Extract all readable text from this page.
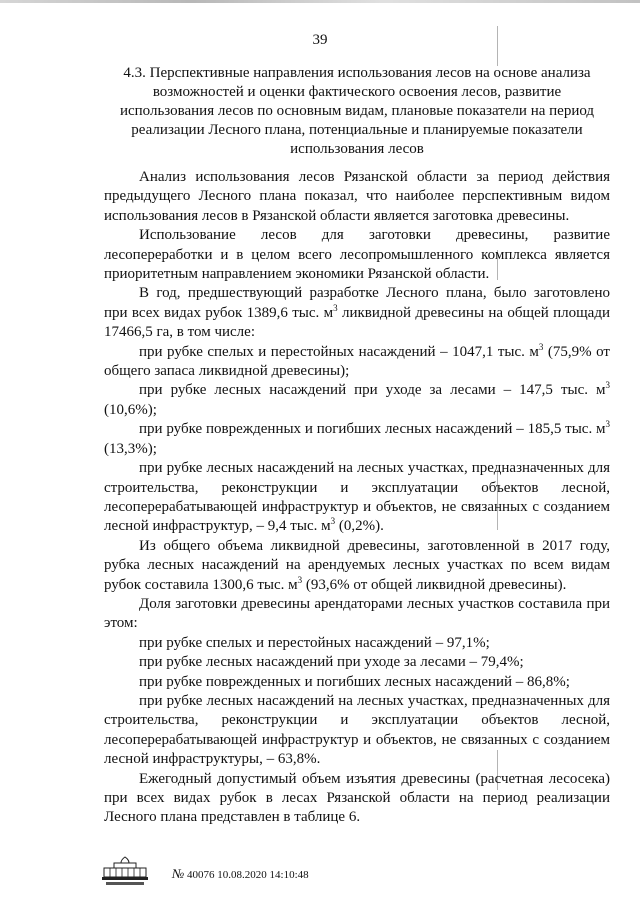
39
4.3. Перспективные направления использования лесов на основе анализа возможностей и оценки фактического освоения лесов, развитие использования лесов по основным видам, плановые показатели на период реализации Лесного плана, потенциальные и планируемые показатели использования лесов

Анализ использования лесов Рязанской области за период действия предыдущего Лесного плана показал, что наиболее перспективным видом использования лесов в Рязанской области является заготовка древесины.

Использование лесов для заготовки древесины, развитие лесопереработки и в целом всего лесопромышленного комплекса является приоритетным направлением экономики Рязанской области.

В год, предшествующий разработке Лесного плана, было заготовлено при всех видах рубок 1389,6 тыс. $м^3$ ликвидной древесины на общей площади 17466,5 га, в том числе:

при рубке спелых и перестойных насаждений – 1047,1 тыс. $м^3$ (75,9% от общего запаса ликвидной древесины);

при рубке лесных насаждений при уходе за лесами – 147,5 тыс. $м^3$ (10,6%);

при рубке поврежденных и погибших лесных насаждений – 185,5 тыс. $м^3$ (13,3%);

при рубке лесных насаждений на лесных участках, предназначенных для строительства, реконструкции и эксплуатации объектов лесной, лесоперерабатывающей инфраструктур и объектов, не связанных с созданием лесной инфраструктур, – 9,4 тыс. $м^3$ (0,2%).

Из общего объема ликвидной древесины, заготовленной в 2017 году, рубка лесных насаждений на арендуемых лесных участках по всем видам рубок составила 1300,6 тыс. $м^3$ (93,6% от общей ликвидной древесины).

Доля заготовки древесины арендаторами лесных участков составила при этом:

при рубке спелых и перестойных насаждений – 97,1%;

при рубке лесных насаждений при уходе за лесами – 79,4%;

при рубке поврежденных и погибших лесных насаждений – 86,8%;

при рубке лесных насаждений на лесных участках, предназначенных для строительства, реконструкции и эксплуатации объектов лесной, лесоперерабатывающей инфраструктур и объектов, не связанных с созданием лесной инфраструктуры, – 63,8%.

Ежегодный допустимый объем изъятия древесины (расчетная лесосека) при всех видах рубок в лесах Рязанской области на период реализации Лесного плана представлен в таблице 6.

№ 40076 10.08.2020 14:10:48
